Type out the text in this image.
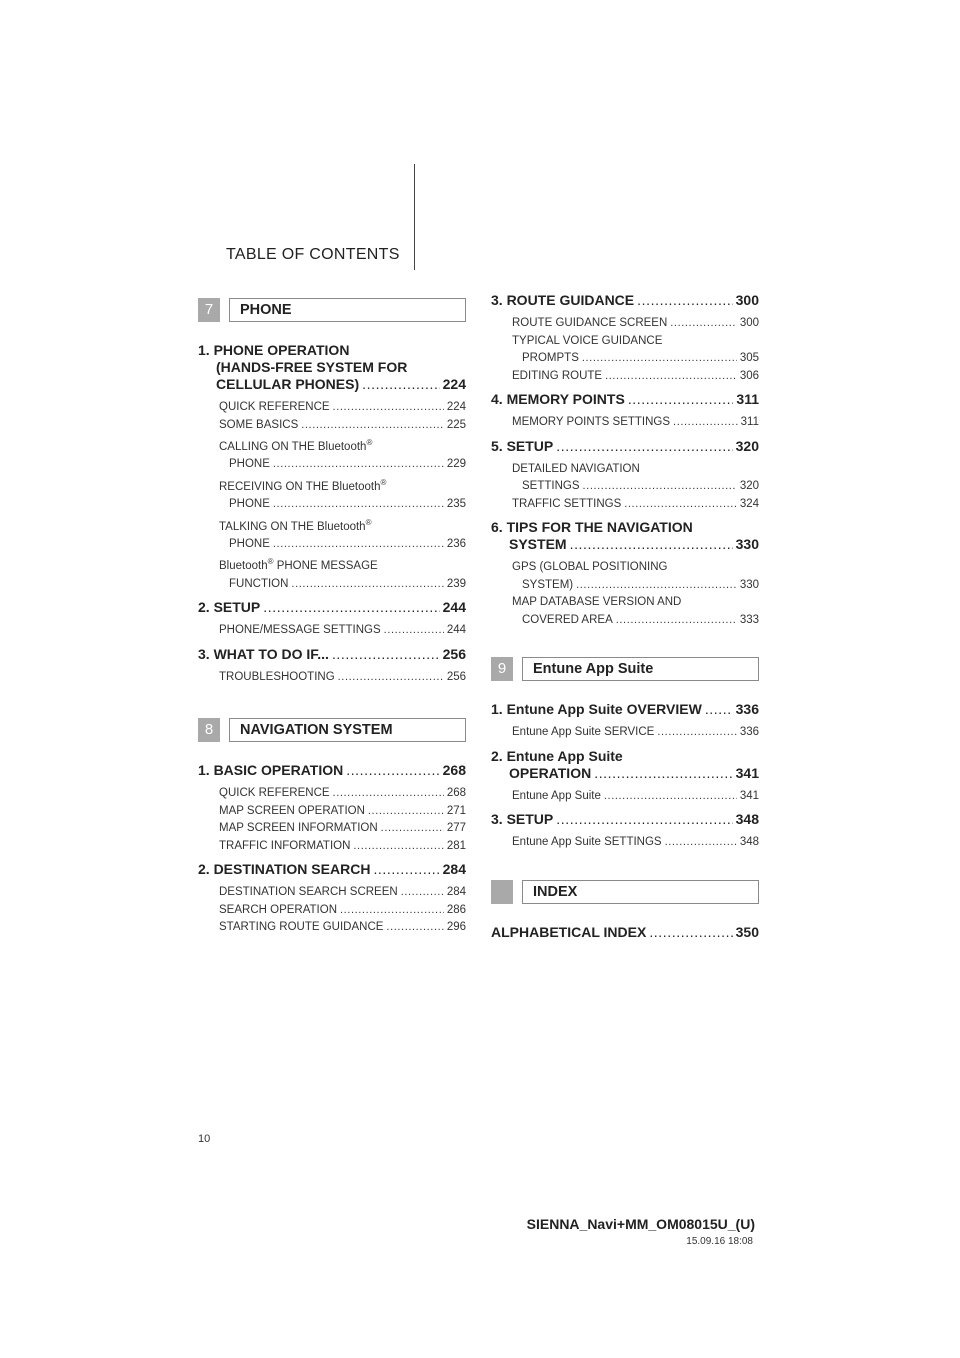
TABLE OF CONTENTS
7	PHONE
1. PHONE OPERATION
(HANDS-FREE SYSTEM FOR
CELLULAR PHONES) .....	224
QUICK REFERENCE .....	224
SOME BASICS .....	225
CALLING ON THE Bluetooth®
PHONE .....	229
RECEIVING ON THE Bluetooth®
PHONE .....	235
TALKING ON THE Bluetooth®
PHONE .....	236
Bluetooth® PHONE MESSAGE
FUNCTION .....	239
2. SETUP .....	244
PHONE/MESSAGE SETTINGS .....	244
3. WHAT TO DO IF... .....	256
TROUBLESHOOTING .....	256
8	NAVIGATION SYSTEM
1. BASIC OPERATION .....	268
QUICK REFERENCE .....	268
MAP SCREEN OPERATION .....	271
MAP SCREEN INFORMATION .....	277
TRAFFIC INFORMATION .....	281
2. DESTINATION SEARCH .....	284
DESTINATION SEARCH SCREEN .....	284
SEARCH OPERATION .....	286
STARTING ROUTE GUIDANCE .....	296
3. ROUTE GUIDANCE .....	300
ROUTE GUIDANCE SCREEN .....	300
TYPICAL VOICE GUIDANCE
PROMPTS .....	305
EDITING ROUTE .....	306
4. MEMORY POINTS .....	311
MEMORY POINTS SETTINGS .....	311
5. SETUP .....	320
DETAILED NAVIGATION
SETTINGS .....	320
TRAFFIC SETTINGS .....	324
6. TIPS FOR THE NAVIGATION
SYSTEM .....	330
GPS (GLOBAL POSITIONING
SYSTEM) .....	330
MAP DATABASE VERSION AND
COVERED AREA .....	333
9	Entune App Suite
1. Entune App Suite OVERVIEW ..... 336
Entune App Suite SERVICE .....	336
2. Entune App Suite
OPERATION .....	341
Entune App Suite .....	341
3. SETUP .....	348
Entune App Suite SETTINGS .....	348
INDEX
ALPHABETICAL INDEX .....	350
10
SIENNA_Navi+MM_OM08015U_(U)
15.09.16 18:08
